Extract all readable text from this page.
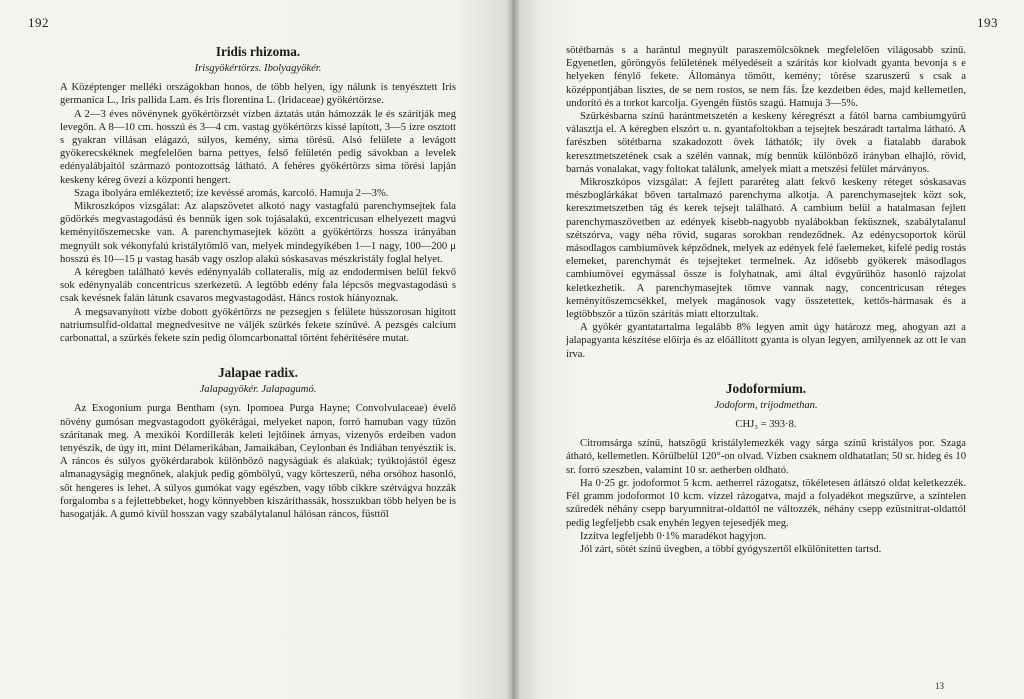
192
Iridis rhizoma.
Irisgyökértörzs. Ibolyagyökér.

A Középtenger melléki országokban honos, de több helyen, így nálunk is tenyésztett Iris germanica L., Iris pallida Lam. és Iris florentina L. (Iridaceae) gyökértörzse.

A 2—3 éves növénynek gyökértörzsét vízben áztatás után hámozzák le és szárítják meg levegőn. A 8—10 cm. hosszú és 3—4 cm. vastag gyökértörzs kissé lapított, 3—5 ízre osztott s gyakran villásan elágazó, súlyos, kemény, sima törésű. Alsó felülete a levágott gyökerecskéknek megfelelően barna pettyes, felső felületén pedig sávokban a levelek edényalábjaitól származó pontozottság látható. A fehéres gyökértörzs sima törési lapján keskeny kéreg övezi a központi hengert.

Szaga ibolyára emlékeztető; íze kevéssé aromás, karcoló. Hamuja 2—3%.

Mikroszkópos vizsgálat: Az alapszövetet alkotó nagy vastagfalú parenchymsejtek fala gödörkés megvastagodású és bennük igen sok tojásalakú, excentricusan elhelyezett magvú keményítőszemecske van. A parenchymasejtek között a gyökértörzs hossza irányában megnyúlt sok vékonyfalú kristálytömlő van, melyek mindegyikében 1—1 nagy, 100—200 μ hosszú és 10—15 μ vastag hasáb vagy oszlop alakú sóskasavas mészkristály foglal helyet.

A kéregben található kevés edénynyaláb collateralis, míg az endodermisen belül fekvő sok edénynyaláb concentricus szerkezetű. A legtöbb edény fala lépcsős megvastagodású s csak kevésnek falán látunk csavaros megvastagodást. Háncs rostok hiányoznak.

A megsavanyított vízbe dobott gyökértörzs ne pezsegjen s felülete hússzorosan higitott natriumsulfid-oldattal megnedvesítve ne váljék szürkés fekete színűvé. A pezsgés calcium carbonattal, a szürkés fekete szín pedig ólomcarbonattal történt fehérítésére mutat.

Jalapae radix.
Jalapagyökér. Jalapagumó.

Az Exogonium purga Bentham (syn. Ipomoea Purga Hayne; Convolvulaceae) évelő növény gumósan megvastagodott gyökérágai, melyeket napon, forró hamuban vagy tűzön szárítanak meg. A mexikói Kordillerák keleti lejtőinek árnyas, vizenyős erdeiben vadon tenyészik, de úgy itt, mint Délamerikában, Jamaikában, Ceylonban és Indiában tenyésztik is. A ráncos és súlyos gyökérdarabok különböző nagyságúak és alakúak; tyúktojástól égesz almanagyságig megnőnek, alakjuk pedig gömbölyű, vagy körteszerű, néha orsóhoz hasonló, sőt hengeres is lehet. A súlyos gumókat vagy egészben, vagy több cikkre szétvágva hozzák forgalomba s a fejlettebbeket, hogy könnyebben kiszáríthassák, hosszukban több helyen be is hasogatják. A gumó kívül hosszan vagy szabálytalanul hálósan ráncos, füsttől

193

sötétbarnás s a harántul megnyúlt paraszemölcsöknek megfelelően világosabb színű. Egyenetlen, göröngyös felületének mélyedéseit a szárítás kor kiolvadt gyanta bevonja s e helyeken fénylő fekete. Állománya tömött, kemény; törése szaruszerű s csak a középpontjában lisztes, de se nem rostos, se nem fás. Íze kezdetben édes, majd kellemetlen, undorító és a torkot karcolja. Gyengén füstös szagú. Hamuja 3—5%.

Szürkésbarna színű harántmetszetén a keskeny kéregrészt a fától barna cambiumgyűrű választja el. A kéregben elszórt u. n. gyantafoltokban a tejsejtek beszáradt tartalma látható. A farészben sötétbarna szakadozott övek láthatók; ily övek a fiatalabb darabok keresztmetszetének csak a szélén vannak, míg bennük különböző irányban elhajló, rövid, barnás vonalakat, vagy foltokat találunk, amelyek miatt a metszési felület márványos.

Mikroszkópos vizsgálat: A fejlett pararéteg alatt fekvő keskeny réteget sóskasavas mészboglárkákat bőven tartalmazó parenchyma alkotja. A parenchymasejtek közt sok, keresztmetszetben tág és kerek tejsejt található. A cambium belül a hatalmasan fejlett parenchymaszövetben az edények kisebb-nagyobb nyalábokban feküsznek, szabálytalanul szétszórva, vagy néha rövid, sugaras sorokban rendeződnek. Az edénycsoportok körül másodlagos cambiumövek képződnek, melyek az edények felé faelemeket, kifelé pedig rostás elemeket, parenchymát és tejsejteket termelnek. Az idősebb gyökerek másodlagos cambiumövei egymással össze is folyhatnak, ami által évgyűrűhöz hasonló rajzolat keletkezhetik. A parenchymasejtek tömve vannak nagy, concentricusan réteges keményítőszemcsékkel, melyek magánosok vagy összetettek, kettős-hármasak és a legtöbbször a tűzön szárítás miatt eltorzultak.

A gyökér gyantatartalma legalább 8% legyen amit úgy határozz meg, ahogyan azt a jalapagyanta készítése előírja és az előállított gyanta is olyan legyen, amilyennek az ott le van írva.

Jodoformium.
Jodoform, trijodmethan.
CHJ₃ = 393·8.

Citromsárga színű, hatszögű kristálylemezkék vagy sárga színű kristályos por. Szaga átható, kellemetlen. Körülbelül 120°-on olvad. Vízben csaknem oldhatatlan; 50 sr. hideg és 10 sr. forró szeszben, valamint 10 sr. aetherben oldható.

Ha 0·25 gr. jodoformot 5 kcm. aetherrel rázogatsz, tökéletesen átlátszó oldat keletkezzék. Fél gramm jodoformot 10 kcm. vízzel rázogatva, majd a folyadékot megszűrve, a színtelen szűredék néhány csepp baryumnitrat-oldattól ne változzék, néhány csepp ezüstnitrat-oldattól pedig legfeljebb csak enyhén legyen tejesedjék meg.

Izzítva legfeljebb 0·1% maradékot hagyjon.

Jól zárt, sötét színű üvegben, a többi gyógyszertől elkülönítetten tartsd.

13
